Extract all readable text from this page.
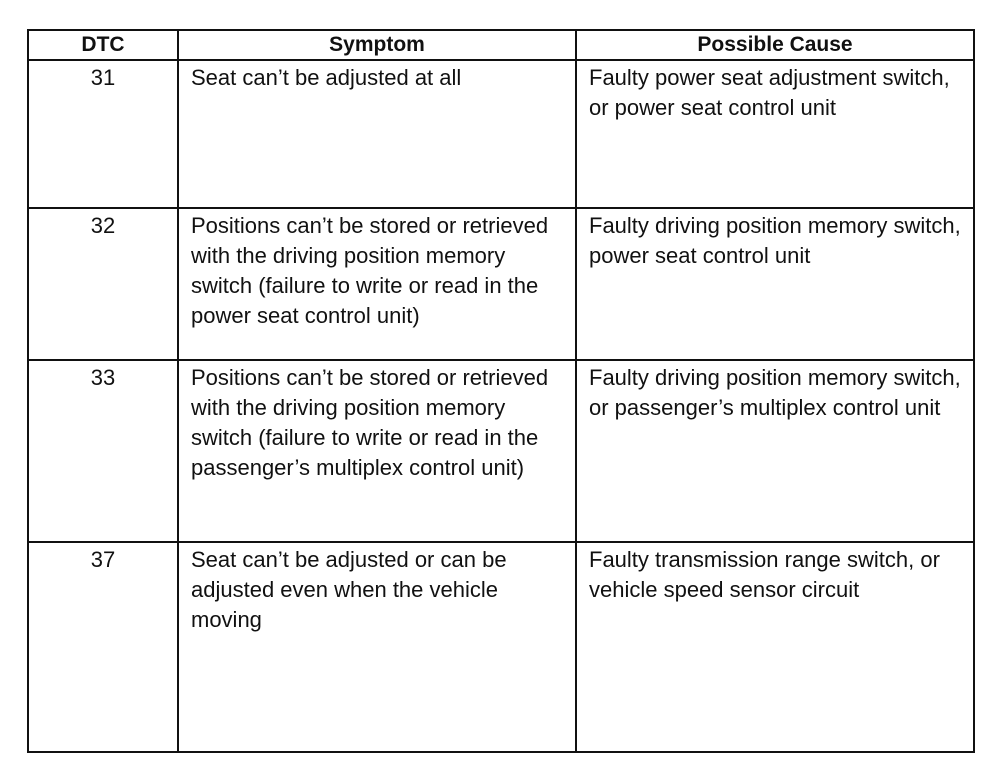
DTC	Symptom	Possible Cause
31	Seat can’t be adjusted at all	Faulty power seat adjustment switch, or power seat control unit
32	Positions can’t be stored or retrieved with the driving position memory switch (failure to write or read in the power seat control unit)	Faulty driving position memory switch, power seat control unit
33	Positions can’t be stored or retrieved with the driving position memory switch (failure to write or read in the passenger’s multiplex control unit)	Faulty driving position memory switch, or passenger’s multiplex control unit
37	Seat can’t be adjusted or can be adjusted even when the vehicle moving	Faulty transmission range switch, or vehicle speed sensor circuit
